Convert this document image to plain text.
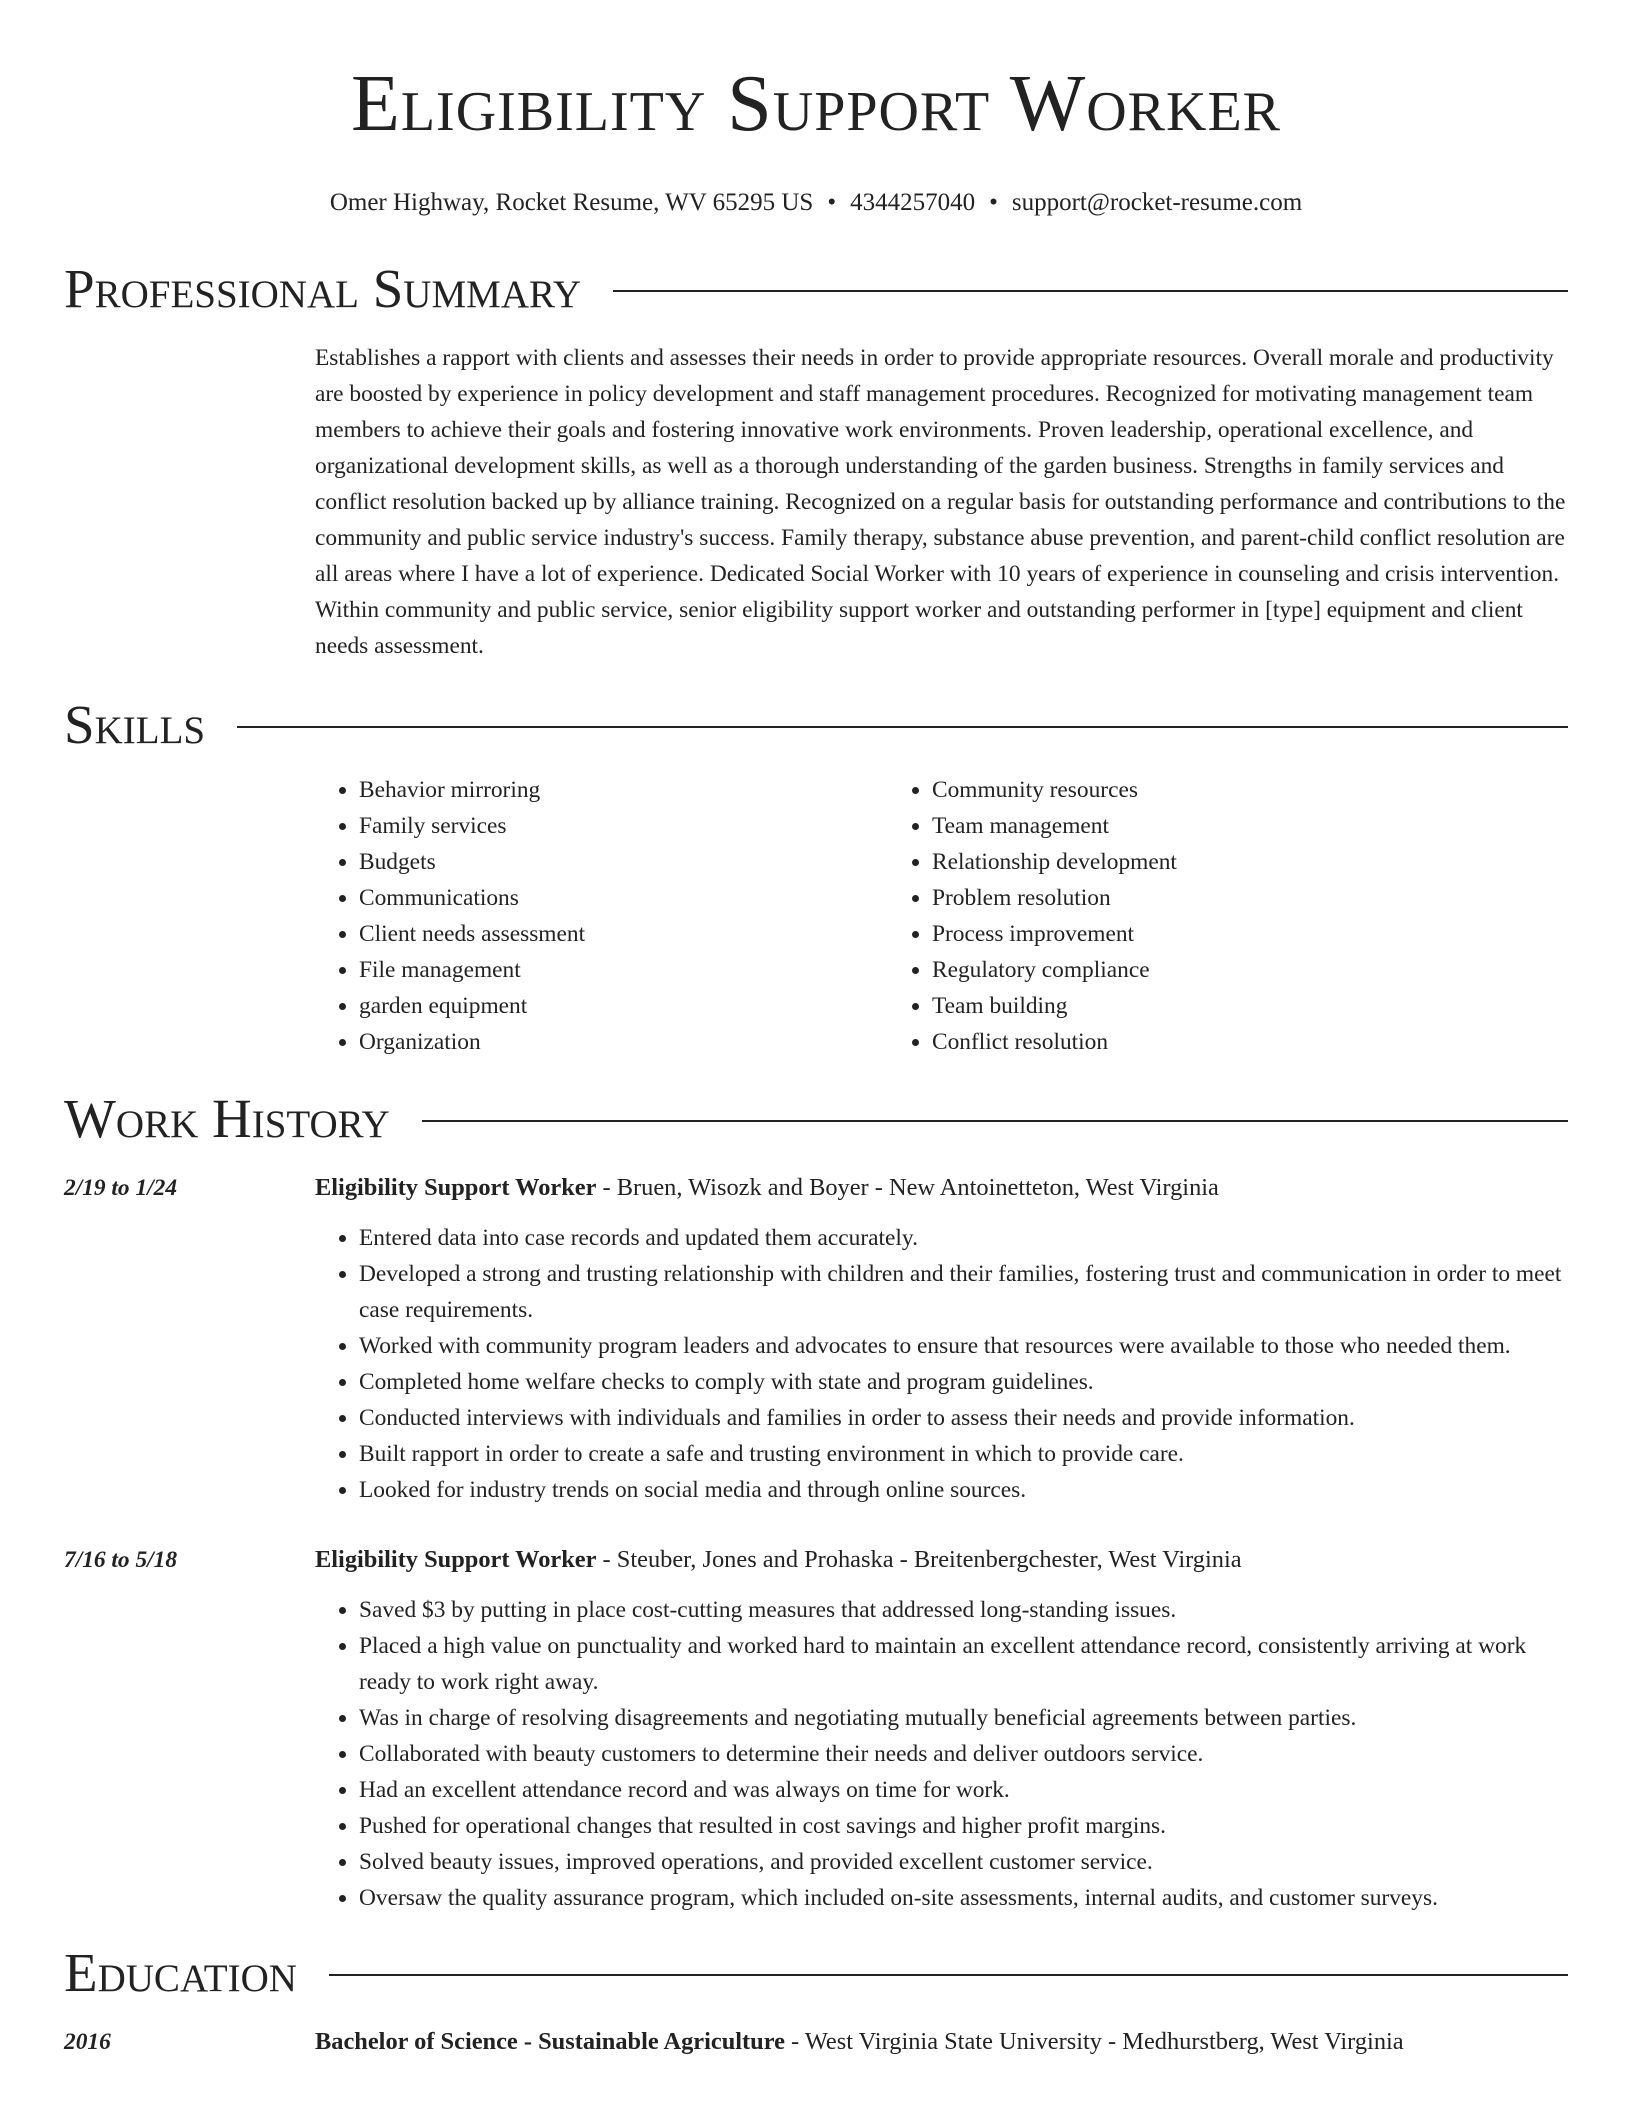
Eligibility Support Worker
Omer Highway, Rocket Resume, WV 65295 US • 4344257040 • support@rocket-resume.com
Professional Summary
Establishes a rapport with clients and assesses their needs in order to provide appropriate resources. Overall morale and productivity are boosted by experience in policy development and staff management procedures. Recognized for motivating management team members to achieve their goals and fostering innovative work environments. Proven leadership, operational excellence, and organizational development skills, as well as a thorough understanding of the garden business. Strengths in family services and conflict resolution backed up by alliance training. Recognized on a regular basis for outstanding performance and contributions to the community and public service industry's success. Family therapy, substance abuse prevention, and parent-child conflict resolution are all areas where I have a lot of experience. Dedicated Social Worker with 10 years of experience in counseling and crisis intervention. Within community and public service, senior eligibility support worker and outstanding performer in [type] equipment and client needs assessment.
Skills
• Behavior mirroring
• Family services
• Budgets
• Communications
• Client needs assessment
• File management
• garden equipment
• Organization
• Community resources
• Team management
• Relationship development
• Problem resolution
• Process improvement
• Regulatory compliance
• Team building
• Conflict resolution
Work History
2/19 to 1/24	Eligibility Support Worker - Bruen, Wisozk and Boyer - New Antoinetteton, West Virginia
• Entered data into case records and updated them accurately.
• Developed a strong and trusting relationship with children and their families, fostering trust and communication in order to meet case requirements.
• Worked with community program leaders and advocates to ensure that resources were available to those who needed them.
• Completed home welfare checks to comply with state and program guidelines.
• Conducted interviews with individuals and families in order to assess their needs and provide information.
• Built rapport in order to create a safe and trusting environment in which to provide care.
• Looked for industry trends on social media and through online sources.
7/16 to 5/18	Eligibility Support Worker - Steuber, Jones and Prohaska - Breitenbergchester, West Virginia
• Saved $3 by putting in place cost-cutting measures that addressed long-standing issues.
• Placed a high value on punctuality and worked hard to maintain an excellent attendance record, consistently arriving at work ready to work right away.
• Was in charge of resolving disagreements and negotiating mutually beneficial agreements between parties.
• Collaborated with beauty customers to determine their needs and deliver outdoors service.
• Had an excellent attendance record and was always on time for work.
• Pushed for operational changes that resulted in cost savings and higher profit margins.
• Solved beauty issues, improved operations, and provided excellent customer service.
• Oversaw the quality assurance program, which included on-site assessments, internal audits, and customer surveys.
Education
2016	Bachelor of Science - Sustainable Agriculture - West Virginia State University - Medhurstberg, West Virginia
